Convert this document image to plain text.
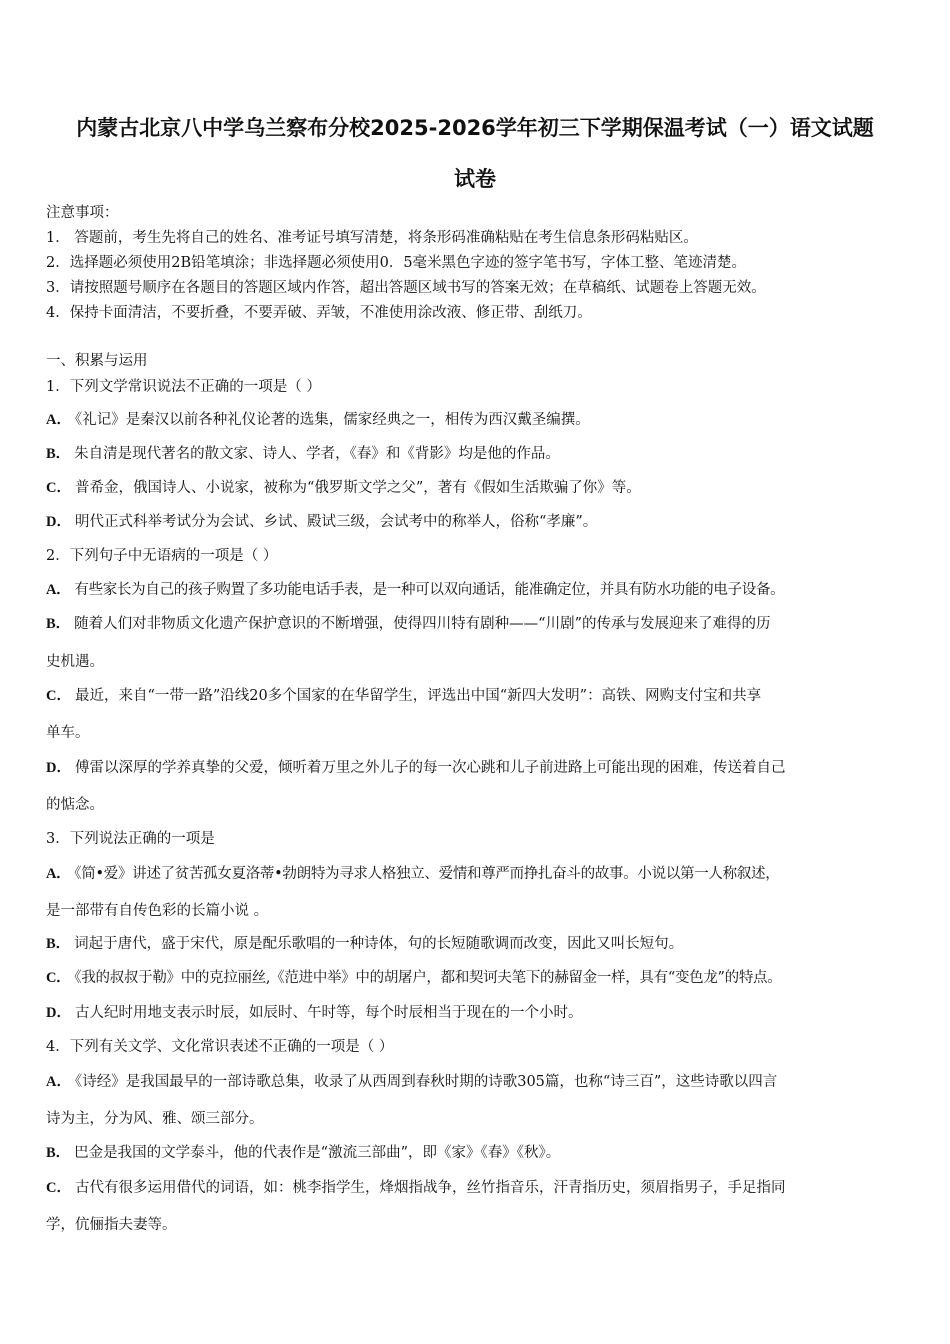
内蒙古北京八中学乌兰察布分校2025-2026学年初三下学期保温考试（一）语文试题
试卷
注意事项：
1． 答题前，考生先将自己的姓名、准考证号填写清楚，将条形码准确粘贴在考生信息条形码粘贴区。
2．选择题必须使用2B铅笔填涂；非选择题必须使用0．5毫米黑色字迹的签字笔书写，字体工整、笔迹清楚。
3．请按照题号顺序在各题目的答题区域内作答，超出答题区域书写的答案无效；在草稿纸、试题卷上答题无效。
4．保持卡面清洁，不要折叠，不要弄破、弄皱，不准使用涂改液、修正带、刮纸刀。
一、积累与运用
1．下列文学常识说法不正确的一项是（ ）
A． 《礼记》是秦汉以前各种礼仪论著的选集，儒家经典之一，相传为西汉戴圣编撰。
B． 朱自清是现代著名的散文家、诗人、学者，《春》和《背影》均是他的作品。
C． 普希金，俄国诗人、小说家，被称为“俄罗斯文学之父”，著有《假如生活欺骗了你》等。
D． 明代正式科举考试分为会试、乡试、殿试三级，会试考中的称举人，俗称“孝廉”。
2．下列句子中无语病的一项是（ ）
A． 有些家长为自己的孩子购置了多功能电话手表，是一种可以双向通话，能准确定位，并具有防水功能的电子设备。
B． 随着人们对非物质文化遗产保护意识的不断增强，使得四川特有剧种——“川剧”的传承与发展迎来了难得的历
史机遇。
C． 最近，来自“一带一路”沿线20多个国家的在华留学生，评选出中国“新四大发明”：高铁、网购支付宝和共享
单车。
D． 傅雷以深厚的学养真挚的父爱，倾听着万里之外儿子的每一次心跳和儿子前进路上可能出现的困难，传送着自己
的惦念。
3．下列说法正确的一项是
A． 《简•爱》讲述了贫苦孤女夏洛蒂•勃朗特为寻求人格独立、爱情和尊严而挣扎奋斗的故事。小说以第一人称叙述，
是一部带有自传色彩的长篇小说 。
B． 词起于唐代，盛于宋代，原是配乐歌唱的一种诗体，句的长短随歌调而改变，因此又叫长短句。
C． 《我的叔叔于勒》中的克拉丽丝,《范进中举》中的胡屠户，都和契诃夫笔下的赫留金一样，具有“变色龙”的特点。
D． 古人纪时用地支表示时辰，如辰时、午时等，每个时辰相当于现在的一个小时。
4．下列有关文学、文化常识表述不正确的一项是（ ）
A． 《诗经》是我国最早的一部诗歌总集，收录了从西周到春秋时期的诗歌305篇，也称“诗三百”，这些诗歌以四言
诗为主，分为风、雅、颂三部分。
B． 巴金是我国的文学泰斗，他的代表作是“激流三部曲”，即《家》《春》《秋》。
C． 古代有很多运用借代的词语，如：桃李指学生，烽烟指战争，丝竹指音乐，汗青指历史，须眉指男子，手足指同
学，伉俪指夫妻等。
